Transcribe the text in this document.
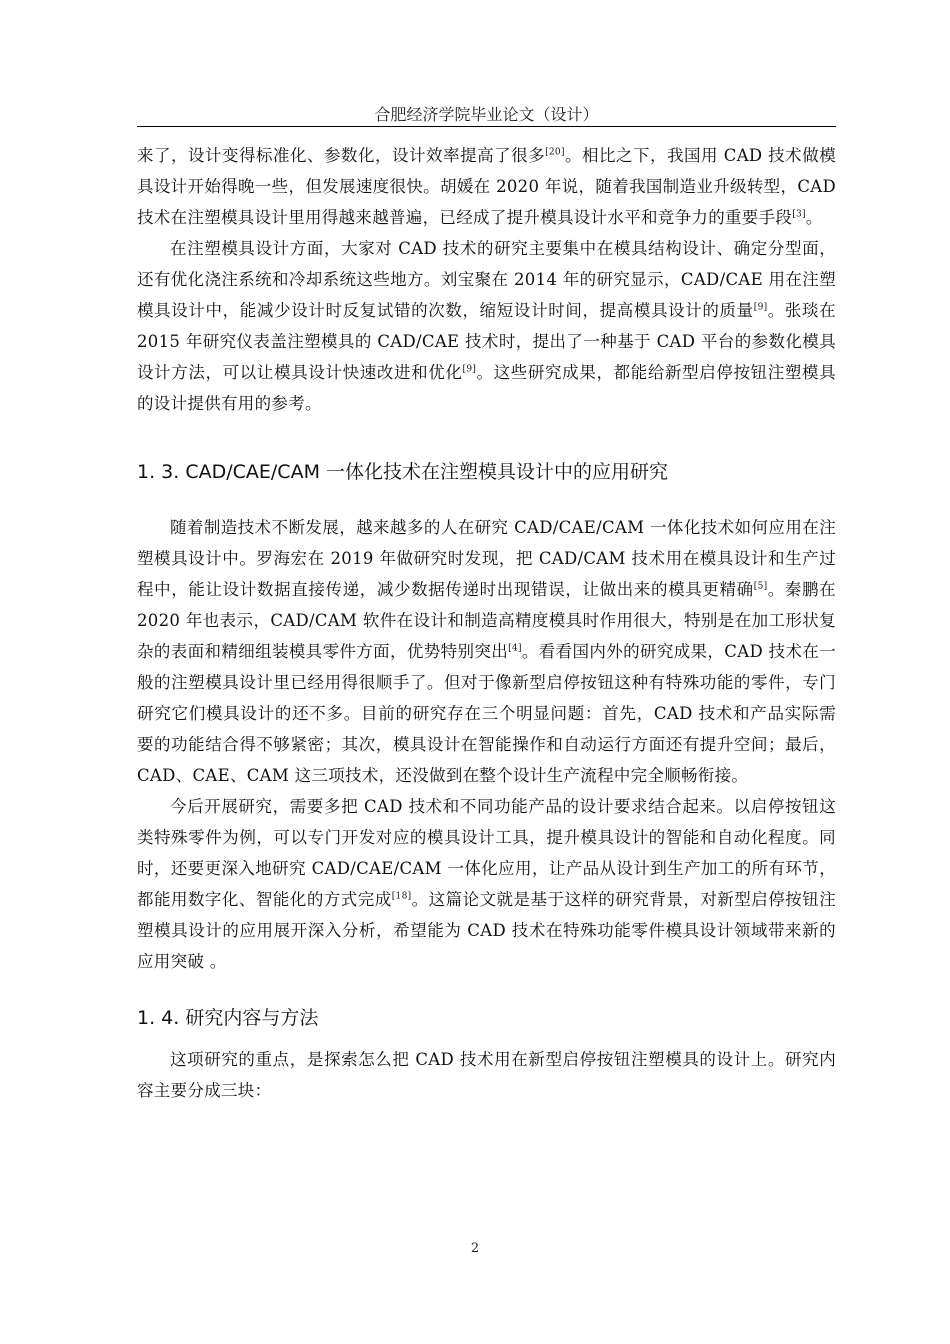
合肥经济学院毕业论文（设计）

来了，设计变得标准化、参数化，设计效率提高了很多[20]。相比之下，我国用 CAD 技术做模具设计开始得晚一些，但发展速度很快。胡媛在 2020 年说，随着我国制造业升级转型，CAD 技术在注塑模具设计里用得越来越普遍，已经成了提升模具设计水平和竞争力的重要手段[3]。

在注塑模具设计方面，大家对 CAD 技术的研究主要集中在模具结构设计、确定分型面，还有优化浇注系统和冷却系统这些地方。刘宝聚在 2014 年的研究显示，CAD/CAE 用在注塑模具设计中，能减少设计时反复试错的次数，缩短设计时间，提高模具设计的质量[9]。张琰在 2015 年研究仪表盖注塑模具的 CAD/CAE 技术时，提出了一种基于 CAD 平台的参数化模具设计方法，可以让模具设计快速改进和优化[9]。这些研究成果，都能给新型启停按钮注塑模具的设计提供有用的参考。

1. 3. CAD/CAE/CAM 一体化技术在注塑模具设计中的应用研究

随着制造技术不断发展，越来越多的人在研究 CAD/CAE/CAM 一体化技术如何应用在注塑模具设计中。罗海宏在 2019 年做研究时发现，把 CAD/CAM 技术用在模具设计和生产过程中，能让设计数据直接传递，减少数据传递时出现错误，让做出来的模具更精确[5]。秦鹏在 2020 年也表示，CAD/CAM 软件在设计和制造高精度模具时作用很大，特别是在加工形状复杂的表面和精细组装模具零件方面，优势特别突出[4]。看看国内外的研究成果，CAD 技术在一般的注塑模具设计里已经用得很顺手了。但对于像新型启停按钮这种有特殊功能的零件，专门研究它们模具设计的还不多。目前的研究存在三个明显问题：首先，CAD 技术和产品实际需要的功能结合得不够紧密；其次，模具设计在智能操作和自动运行方面还有提升空间；最后，CAD、CAE、CAM 这三项技术，还没做到在整个设计生产流程中完全顺畅衔接。

今后开展研究，需要多把 CAD 技术和不同功能产品的设计要求结合起来。以启停按钮这类特殊零件为例，可以专门开发对应的模具设计工具，提升模具设计的智能和自动化程度。同时，还要更深入地研究 CAD/CAE/CAM 一体化应用，让产品从设计到生产加工的所有环节，都能用数字化、智能化的方式完成[18]。这篇论文就是基于这样的研究背景，对新型启停按钮注塑模具设计的应用展开深入分析，希望能为 CAD 技术在特殊功能零件模具设计领域带来新的应用突破 。

1. 4. 研究内容与方法

这项研究的重点，是探索怎么把 CAD 技术用在新型启停按钮注塑模具的设计上。研究内容主要分成三块：

2
